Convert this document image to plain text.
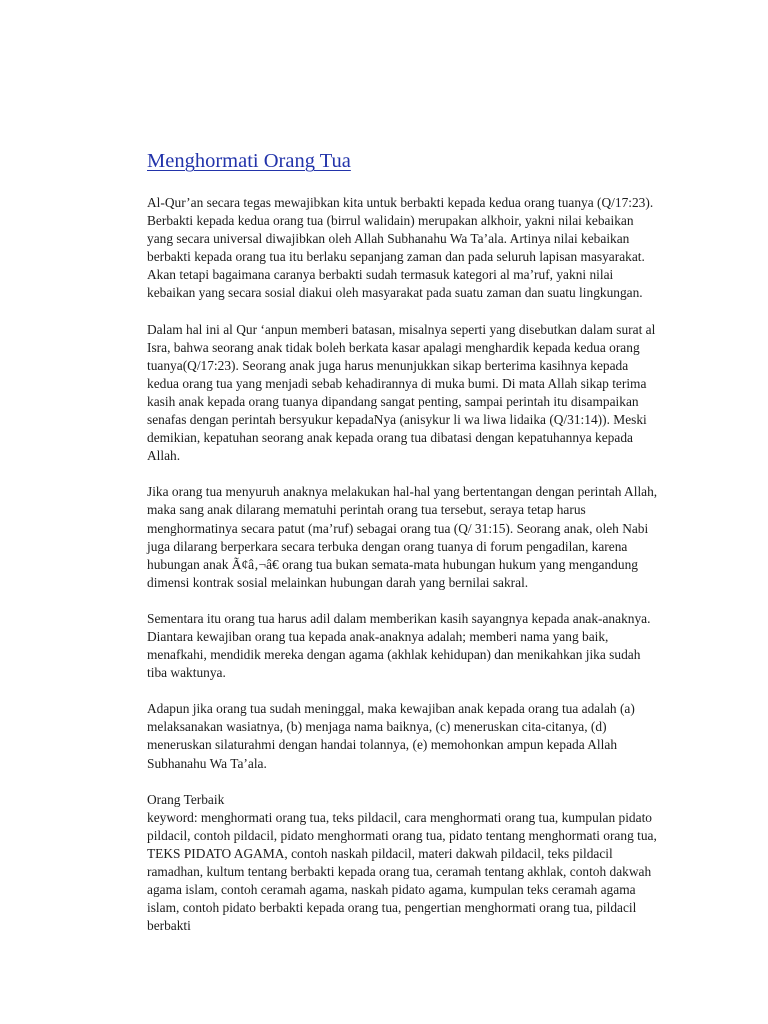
Menghormati Orang Tua

Al-Qur’an secara tegas mewajibkan kita untuk berbakti kepada kedua orang tuanya (Q/17:23). Berbakti kepada kedua orang tua (birrul walidain) merupakan alkhoir, yakni nilai kebaikan yang secara universal diwajibkan oleh Allah Subhanahu Wa Ta’ala. Artinya nilai kebaikan berbakti kepada orang tua itu berlaku sepanjang zaman dan pada seluruh lapisan masyarakat. Akan tetapi bagaimana caranya berbakti sudah termasuk kategori al ma’ruf, yakni nilai kebaikan yang secara sosial diakui oleh masyarakat pada suatu zaman dan suatu lingkungan.

Dalam hal ini al Qur ‘anpun memberi batasan, misalnya seperti yang disebutkan dalam surat al Isra, bahwa seorang anak tidak boleh berkata kasar apalagi menghardik kepada kedua orang tuanya(Q/17:23). Seorang anak juga harus menunjukkan sikap berterima kasihnya kepada kedua orang tua yang menjadi sebab kehadirannya di muka bumi. Di mata Allah sikap terima kasih anak kepada orang tuanya dipandang sangat penting, sampai perintah itu disampaikan senafas dengan perintah bersyukur kepadaNya (anisykur li wa liwa lidaika (Q/31:14)). Meski demikian, kepatuhan seorang anak kepada orang tua dibatasi dengan kepatuhannya kepada Allah.

Jika orang tua menyuruh anaknya melakukan hal-hal yang bertentangan dengan perintah Allah, maka sang anak dilarang mematuhi perintah orang tua tersebut, seraya tetap harus menghormatinya secara patut (ma’ruf) sebagai orang tua (Q/ 31:15). Seorang anak, oleh Nabi juga dilarang berperkara secara terbuka dengan orang tuanya di forum pengadilan, karena hubungan anak Ã¢â‚¬â€ orang tua bukan semata-mata hubungan hukum yang mengandung dimensi kontrak sosial melainkan hubungan darah yang bernilai sakral.

Sementara itu orang tua harus adil dalam memberikan kasih sayangnya kepada anak-anaknya. Diantara kewajiban orang tua kepada anak-anaknya adalah; memberi nama yang baik, menafkahi, mendidik mereka dengan agama (akhlak kehidupan) dan menikahkan jika sudah tiba waktunya.

Adapun jika orang tua sudah meninggal, maka kewajiban anak kepada orang tua adalah (a) melaksanakan wasiatnya, (b) menjaga nama baiknya, (c) meneruskan cita-citanya, (d) meneruskan silaturahmi dengan handai tolannya, (e) memohonkan ampun kepada Allah Subhanahu Wa Ta’ala.

Orang Terbaik

keyword: menghormati orang tua, teks pildacil, cara menghormati orang tua, kumpulan pidato pildacil, contoh pildacil, pidato menghormati orang tua, pidato tentang menghormati orang tua, TEKS PIDATO AGAMA, contoh naskah pildacil, materi dakwah pildacil, teks pildacil ramadhan, kultum tentang berbakti kepada orang tua, ceramah tentang akhlak, contoh dakwah agama islam, contoh ceramah agama, naskah pidato agama, kumpulan teks ceramah agama islam, contoh pidato berbakti kepada orang tua, pengertian menghormati orang tua, pildacil berbakti
